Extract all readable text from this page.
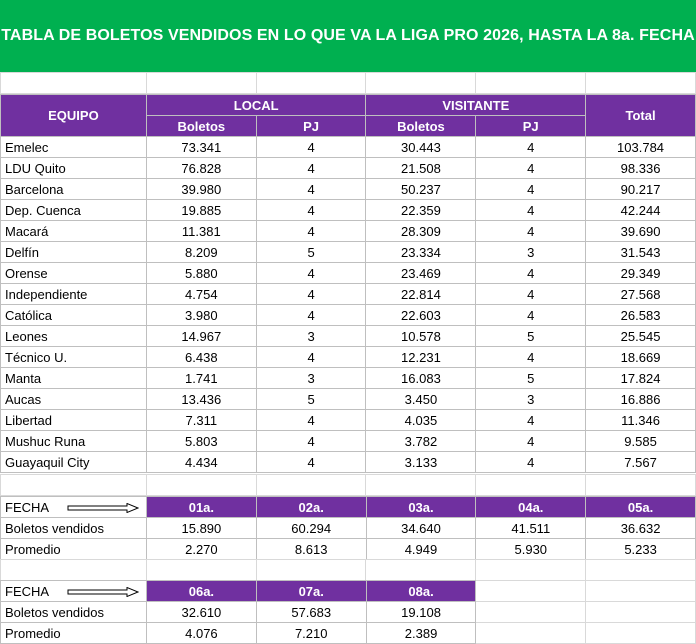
TABLA DE BOLETOS VENDIDOS EN LO QUE VA LA LIGA PRO 2026, HASTA LA 8a. FECHA

EQUIPO	LOCAL		VISITANTE		Total
	Boletos	PJ	Boletos	PJ	
Emelec	73.341	4	30.443	4	103.784
LDU Quito	76.828	4	21.508	4	98.336
Barcelona	39.980	4	50.237	4	90.217
Dep. Cuenca	19.885	4	22.359	4	42.244
Macará	11.381	4	28.309	4	39.690
Delfín	8.209	5	23.334	3	31.543
Orense	5.880	4	23.469	4	29.349
Independiente	4.754	4	22.814	4	27.568
Católica	3.980	4	22.603	4	26.583
Leones	14.967	3	10.578	5	25.545
Técnico U.	6.438	4	12.231	4	18.669
Manta	1.741	3	16.083	5	17.824
Aucas	13.436	5	3.450	3	16.886
Libertad	7.311	4	4.035	4	11.346
Mushuc Runa	5.803	4	3.782	4	9.585
Guayaquil City	4.434	4	3.133	4	7.567

FECHA	01a.	02a.	03a.	04a.	05a.
Boletos vendidos	15.890	60.294	34.640	41.511	36.632
Promedio	2.270	8.613	4.949	5.930	5.233

FECHA	06a.	07a.	08a.		
Boletos vendidos	32.610	57.683	19.108		
Promedio	4.076	7.210	2.389		
